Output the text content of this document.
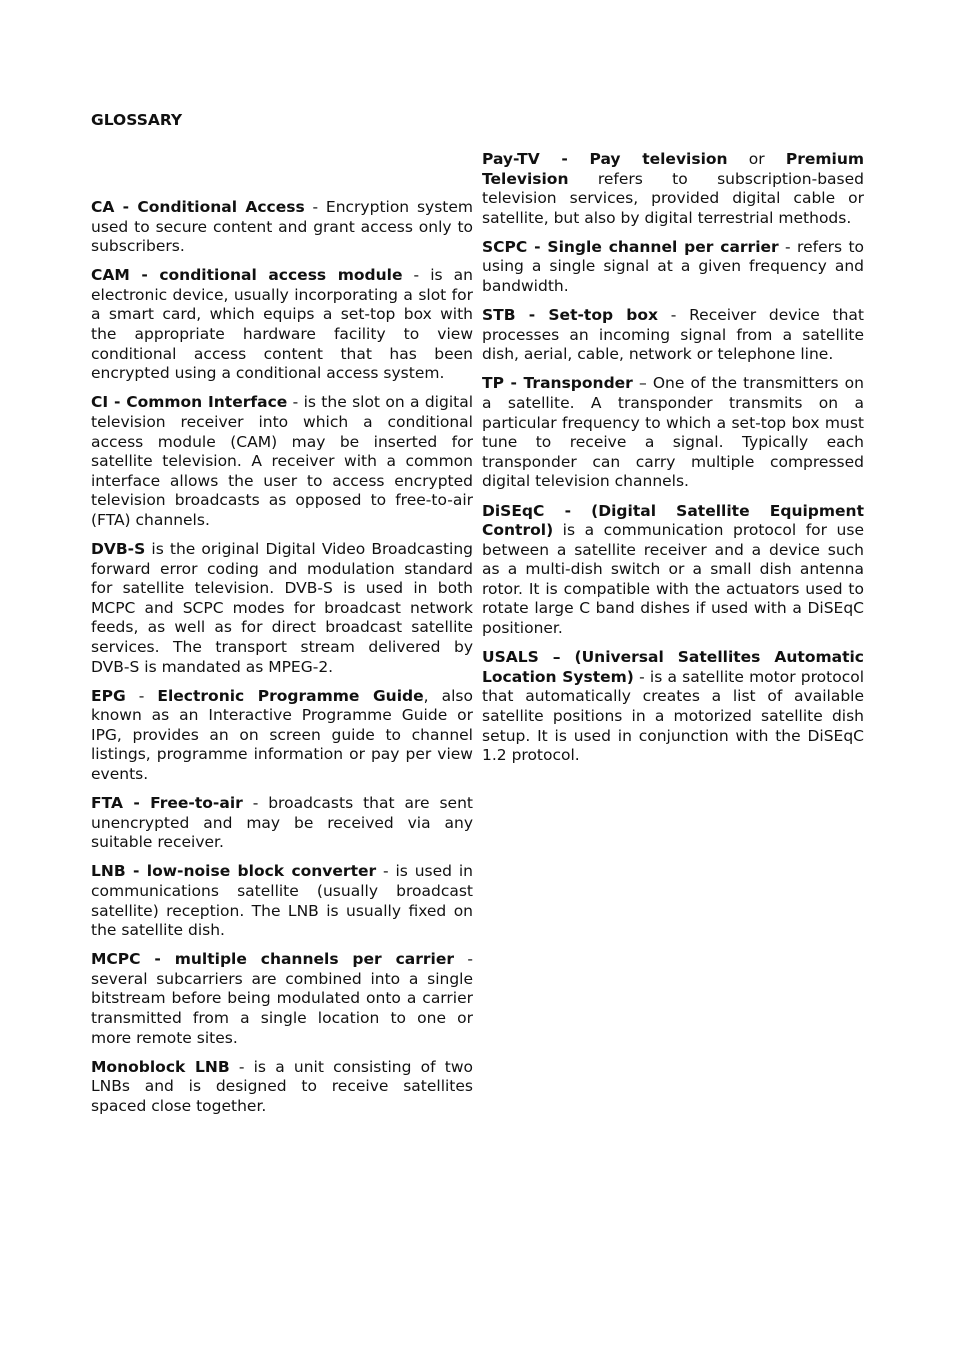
GLOSSARY

CA - Conditional Access - Encryption system used to secure content and grant access only to subscribers.

CAM - conditional access module - is an electronic device, usually incorporating a slot for a smart card, which equips a set-top box with the appropriate hardware facility to view conditional access content that has been encrypted using a conditional access system.

CI - Common Interface - is the slot on a digital television receiver into which a conditional access module (CAM) may be inserted for satellite television. A receiver with a common interface allows the user to access encrypted television broadcasts as opposed to free-to-air (FTA) channels.

DVB-S is the original Digital Video Broadcasting forward error coding and modulation standard for satellite television. DVB-S is used in both MCPC and SCPC modes for broadcast network feeds, as well as for direct broadcast satellite services. The transport stream delivered by DVB-S is mandated as MPEG-2.

EPG - Electronic Programme Guide, also known as an Interactive Programme Guide or IPG, provides an on screen guide to channel listings, programme information or pay per view events.

FTA - Free-to-air - broadcasts that are sent unencrypted and may be received via any suitable receiver.

LNB - low-noise block converter - is used in communications satellite (usually broadcast satellite) reception. The LNB is usually fixed on the satellite dish.

MCPC - multiple channels per carrier - several subcarriers are combined into a single bitstream before being modulated onto a carrier transmitted from a single location to one or more remote sites.

Monoblock LNB - is a unit consisting of two LNBs and is designed to receive satellites spaced close together.

Pay-TV - Pay television or Premium Television refers to subscription-based television services, provided digital cable or satellite, but also by digital terrestrial methods.

SCPC - Single channel per carrier - refers to using a single signal at a given frequency and bandwidth.

STB - Set-top box - Receiver device that processes an incoming signal from a satellite dish, aerial, cable, network or telephone line.

TP - Transponder – One of the transmitters on a satellite. A transponder transmits on a particular frequency to which a set-top box must tune to receive a signal. Typically each transponder can carry multiple compressed digital television channels.

DiSEqC - (Digital Satellite Equipment Control) is a communication protocol for use between a satellite receiver and a device such as a multi-dish switch or a small dish antenna rotor. It is compatible with the actuators used to rotate large C band dishes if used with a DiSEqC positioner.

USALS – (Universal Satellites Automatic Location System) - is a satellite motor protocol that automatically creates a list of available satellite positions in a motorized satellite dish setup. It is used in conjunction with the DiSEqC 1.2 protocol.
